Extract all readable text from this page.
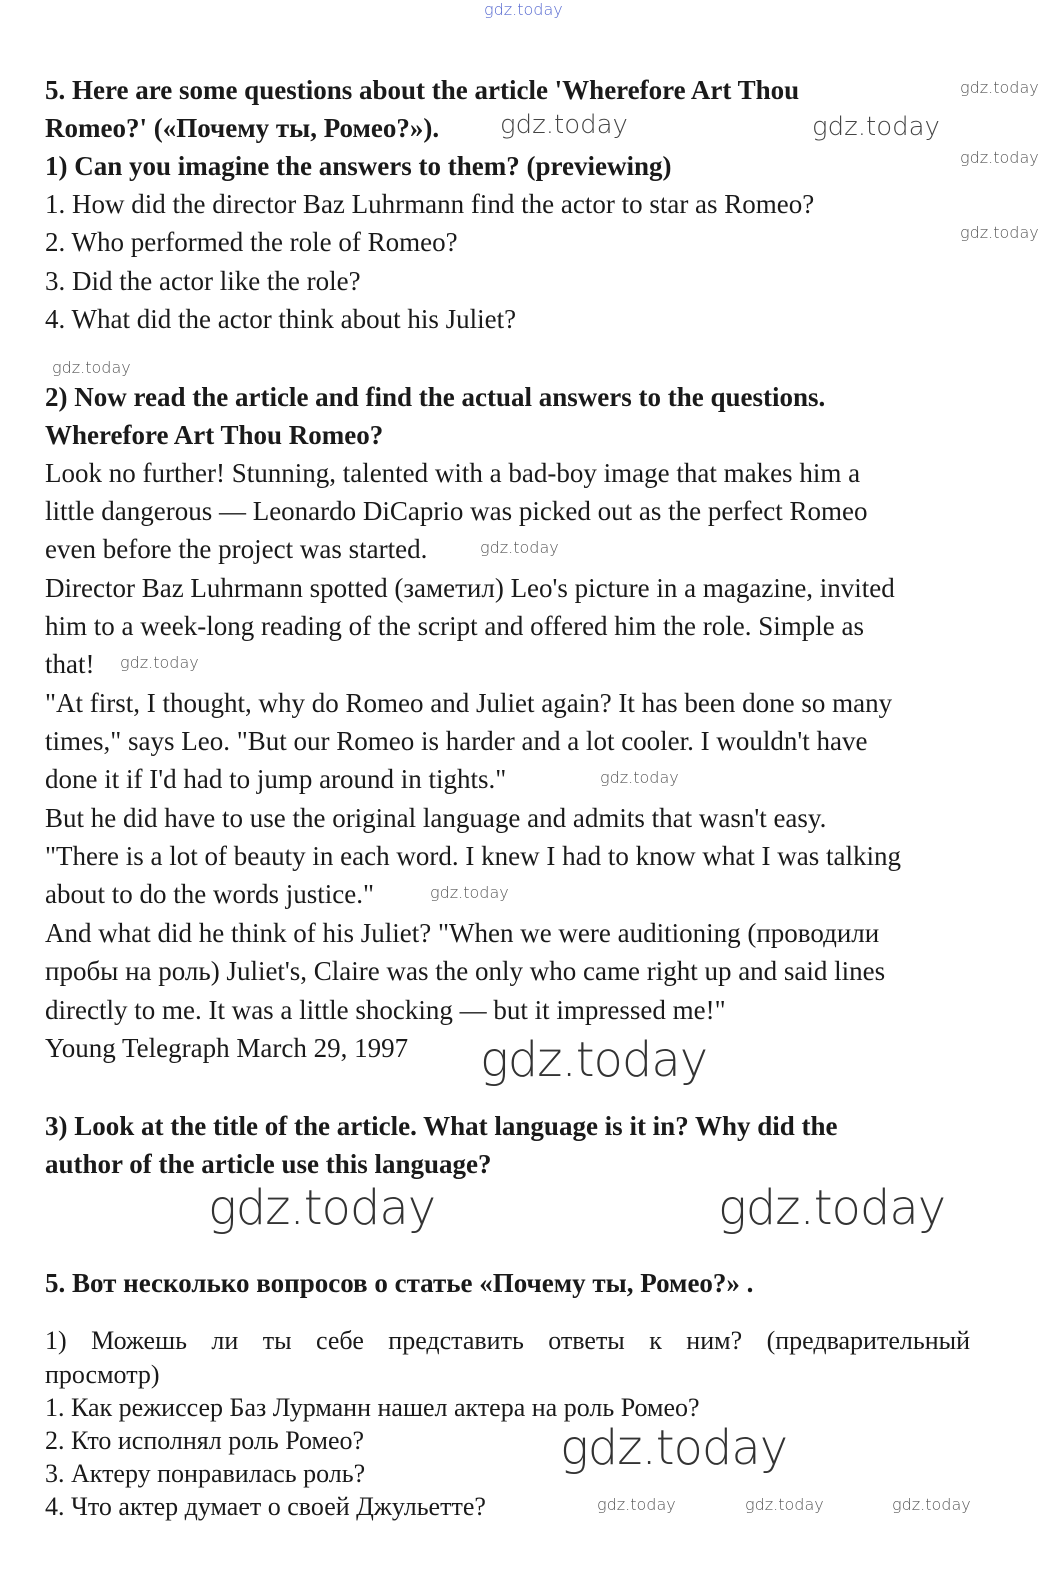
gdz.today
5. Here are some questions about the article 'Wherefore Art Thou
Romeo?' («Почему ты, Ромео?»).
1) Can you imagine the answers to them? (previewing)
1. How did the director Baz Luhrmann find the actor to star as Romeo?
2. Who performed the role of Romeo?
3. Did the actor like the role?
4. What did the actor think about his Juliet?
2) Now read the article and find the actual answers to the questions.
Wherefore Art Thou Romeo?
Look no further! Stunning, talented with a bad-boy image that makes him a
little dangerous — Leonardo DiCaprio was picked out as the perfect Romeo
even before the project was started.
Director Baz Luhrmann spotted (заметил) Leo's picture in a magazine, invited
him to a week-long reading of the script and offered him the role. Simple as
that!
"At first, I thought, why do Romeo and Juliet again? It has been done so many
times," says Leo. "But our Romeo is harder and a lot cooler. I wouldn't have
done it if I'd had to jump around in tights."
But he did have to use the original language and admits that wasn't easy.
"There is a lot of beauty in each word. I knew I had to know what I was talking
about to do the words justice."
And what did he think of his Juliet? "When we were auditioning (проводили
пробы на роль) Juliet's, Claire was the only who came right up and said lines
directly to me. It was a little shocking — but it impressed me!"
Young Telegraph March 29, 1997
3) Look at the title of the article. What language is it in? Why did the
author of the article use this language?
5. Вот несколько вопросов о статье «Почему ты, Ромео?» .
1) Можешь ли ты себе представить ответы к ним? (предварительный
просмотр)
1. Как режиссер Баз Лурманн нашел актера на роль Ромео?
2. Кто исполнял роль Ромео?
3. Актеру понравилась роль?
4. Что актер думает о своей Джульетте?
gdz.today
gdz.today
gdz.today	gdz.today
gdz.today
gdz.today
gdz.today
gdz.today
gdz.today
gdz.today
gdz.today
gdz.today	gdz.today
gdz.today	gdz.today	gdz.today
gdz.today
